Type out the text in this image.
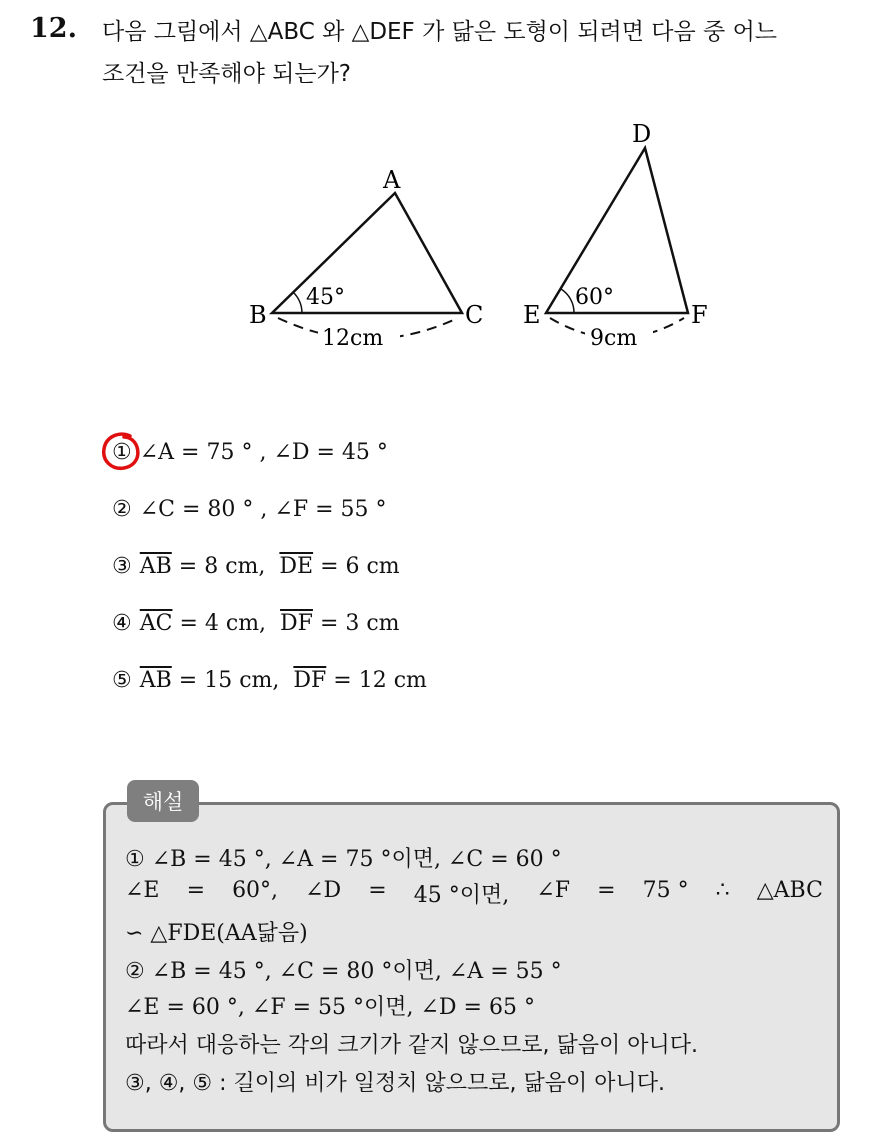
12. 다음 그림에서 △ABC 와 △DEF 가 닮은 도형이 되려면 다음 중 어느
조건을 만족해야 되는가?
A
B	C
45°
12cm
D
E	F
60°
9cm
① ∠A = 75 ° , ∠D = 45 °
② ∠C = 80 ° , ∠F = 55 °
③ $\overline{AB} = 8$ cm,  $\overline{DE} = 6$ cm
④ $\overline{AC} = 4$ cm,  $\overline{DF} = 3$ cm
⑤ $\overline{AB} = 15$ cm,  $\overline{DF} = 12$ cm
해설
① ∠B = 45 °, ∠A = 75 °이면, ∠C = 60 °
∠E = 60°, ∠D = 45 °이면, ∠F = 75 ° ∴ △ABC
∽ △FDE(AA닮음)
② ∠B = 45 °, ∠C = 80 °이면, ∠A = 55 °
∠E = 60 °, ∠F = 55 °이면, ∠D = 65 °
따라서 대응하는 각의 크기가 같지 않으므로, 닮음이 아니다.
③, ④, ⑤ : 길이의 비가 일정치 않으므로, 닮음이 아니다.
